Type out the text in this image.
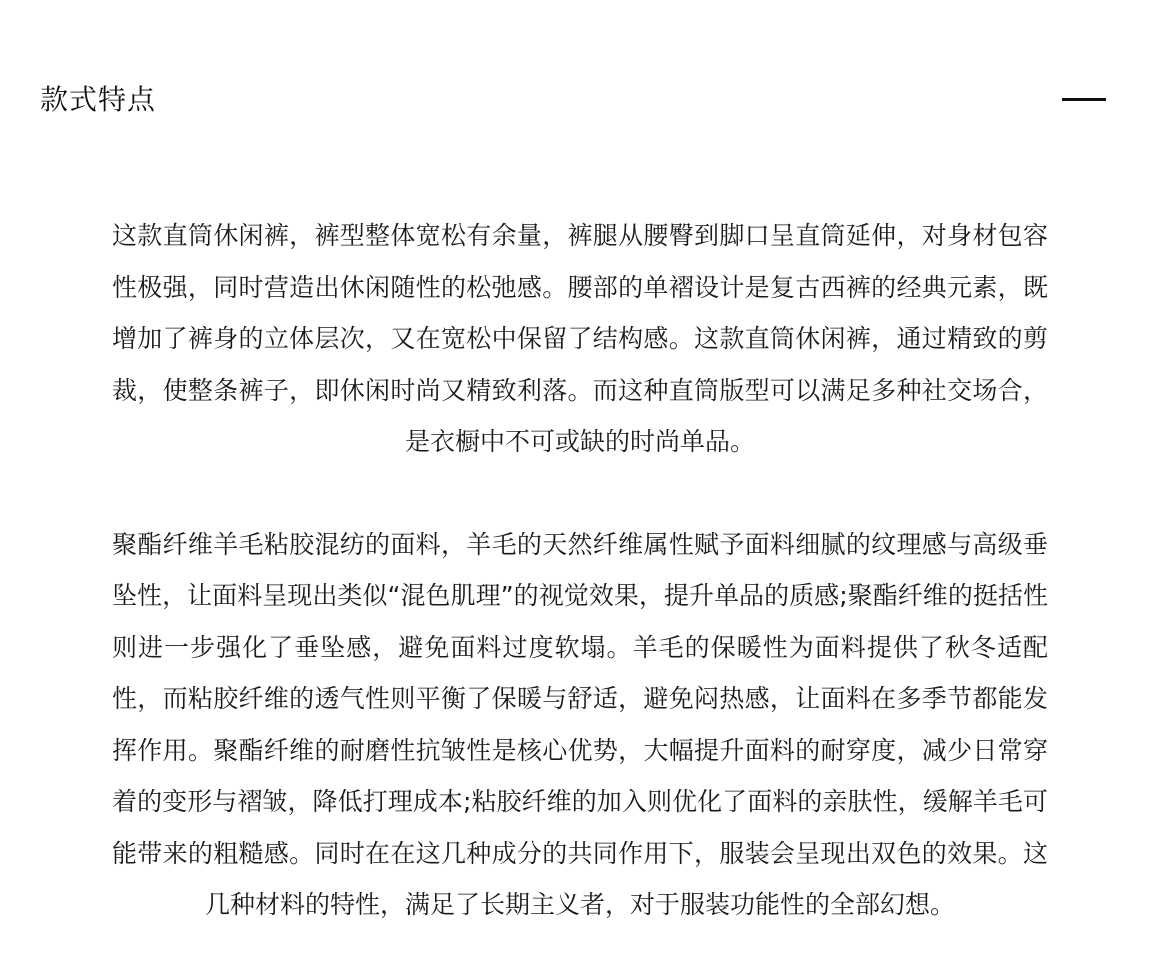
款式特点

这款直筒休闲裤，裤型整体宽松有余量，裤腿从腰臀到脚口呈直筒延伸，对身材包容性极强，同时营造出休闲随性的松弛感。腰部的单褶设计是复古西裤的经典元素，既增加了裤身的立体层次，又在宽松中保留了结构感。这款直筒休闲裤，通过精致的剪裁，使整条裤子，即休闲时尚又精致利落。而这种直筒版型可以满足多种社交场合，是衣橱中不可或缺的时尚单品。

聚酯纤维羊毛粘胶混纺的面料，羊毛的天然纤维属性赋予面料细腻的纹理感与高级垂坠性，让面料呈现出类似“混色肌理”的视觉效果，提升单品的质感;聚酯纤维的挺括性则进一步强化了垂坠感，避免面料过度软塌。羊毛的保暖性为面料提供了秋冬适配性，而粘胶纤维的透气性则平衡了保暖与舒适，避免闷热感，让面料在多季节都能发挥作用。聚酯纤维的耐磨性抗皱性是核心优势，大幅提升面料的耐穿度，减少日常穿着的变形与褶皱，降低打理成本;粘胶纤维的加入则优化了面料的亲肤性，缓解羊毛可能带来的粗糙感。同时在在这几种成分的共同作用下，服装会呈现出双色的效果。这几种材料的特性，满足了长期主义者，对于服装功能性的全部幻想。
